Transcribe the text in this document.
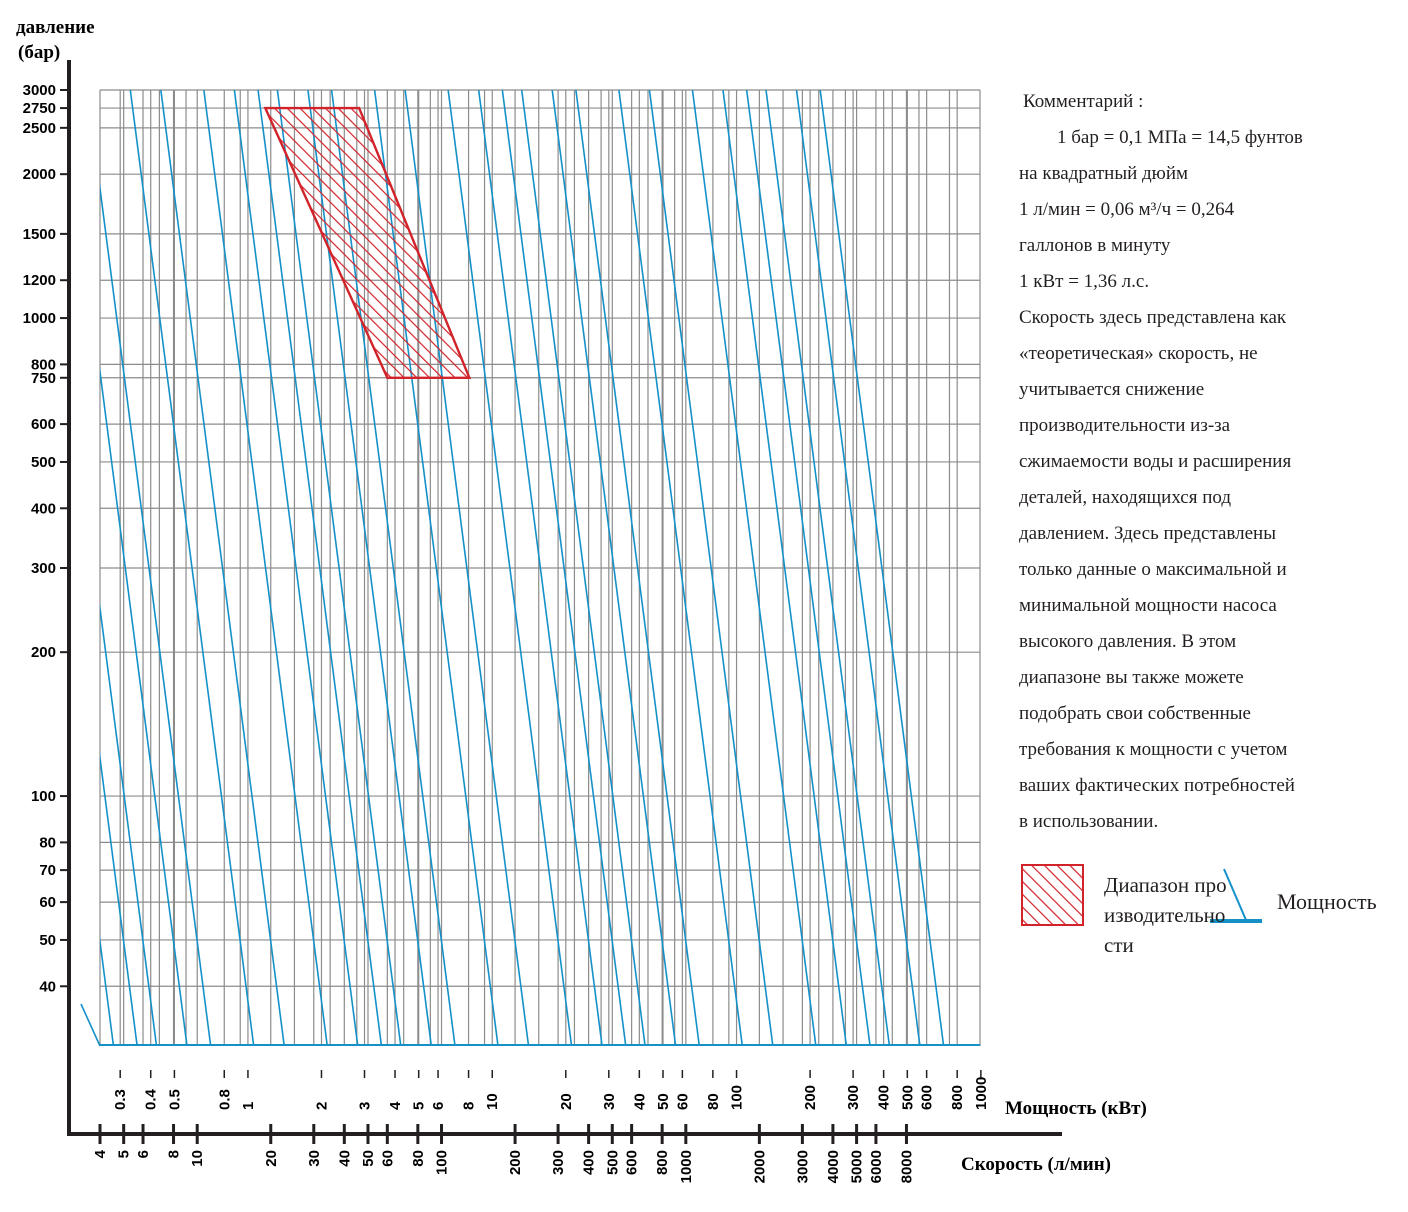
3000
2750
2500
2000
1500
1200
1000
800
750
600
500
400
300
200
100
80
70
60
50
40
0.3 0.4 0.5 0.8 1	2 3 4 5 6 8 10	20 30 40 50 60 80 100	200 300 400 500 600 800 1000
4 5 6 8 10	20 30 40 50 60 80 100	200 300 400 500 600 800 1000	2000 3000 4000 5000 6000 8000
давление
(бар)
Мощность (кВт)
Скорость (л/мин)

Комментарий :

1 бар = 0,1 МПа = 14,5 фунтов

на квадратный дюйм

1 л/мин = 0,06 м³/ч = 0,264

галлонов в минуту

1 кВт = 1,36 л.с.

Скорость здесь представлена как

«теоретическая» скорость, не

учитывается снижение

производительности из-за

сжимаемости воды и расширения

деталей, находящихся под

давлением. Здесь представлены

только данные о максимальной и

минимальной мощности насоса

высокого давления. В этом

диапазоне вы также можете

подобрать свои собственные

требования к мощности с учетом

ваших фактических потребностей

в использовании.

Диапазон производительности
Мощность
